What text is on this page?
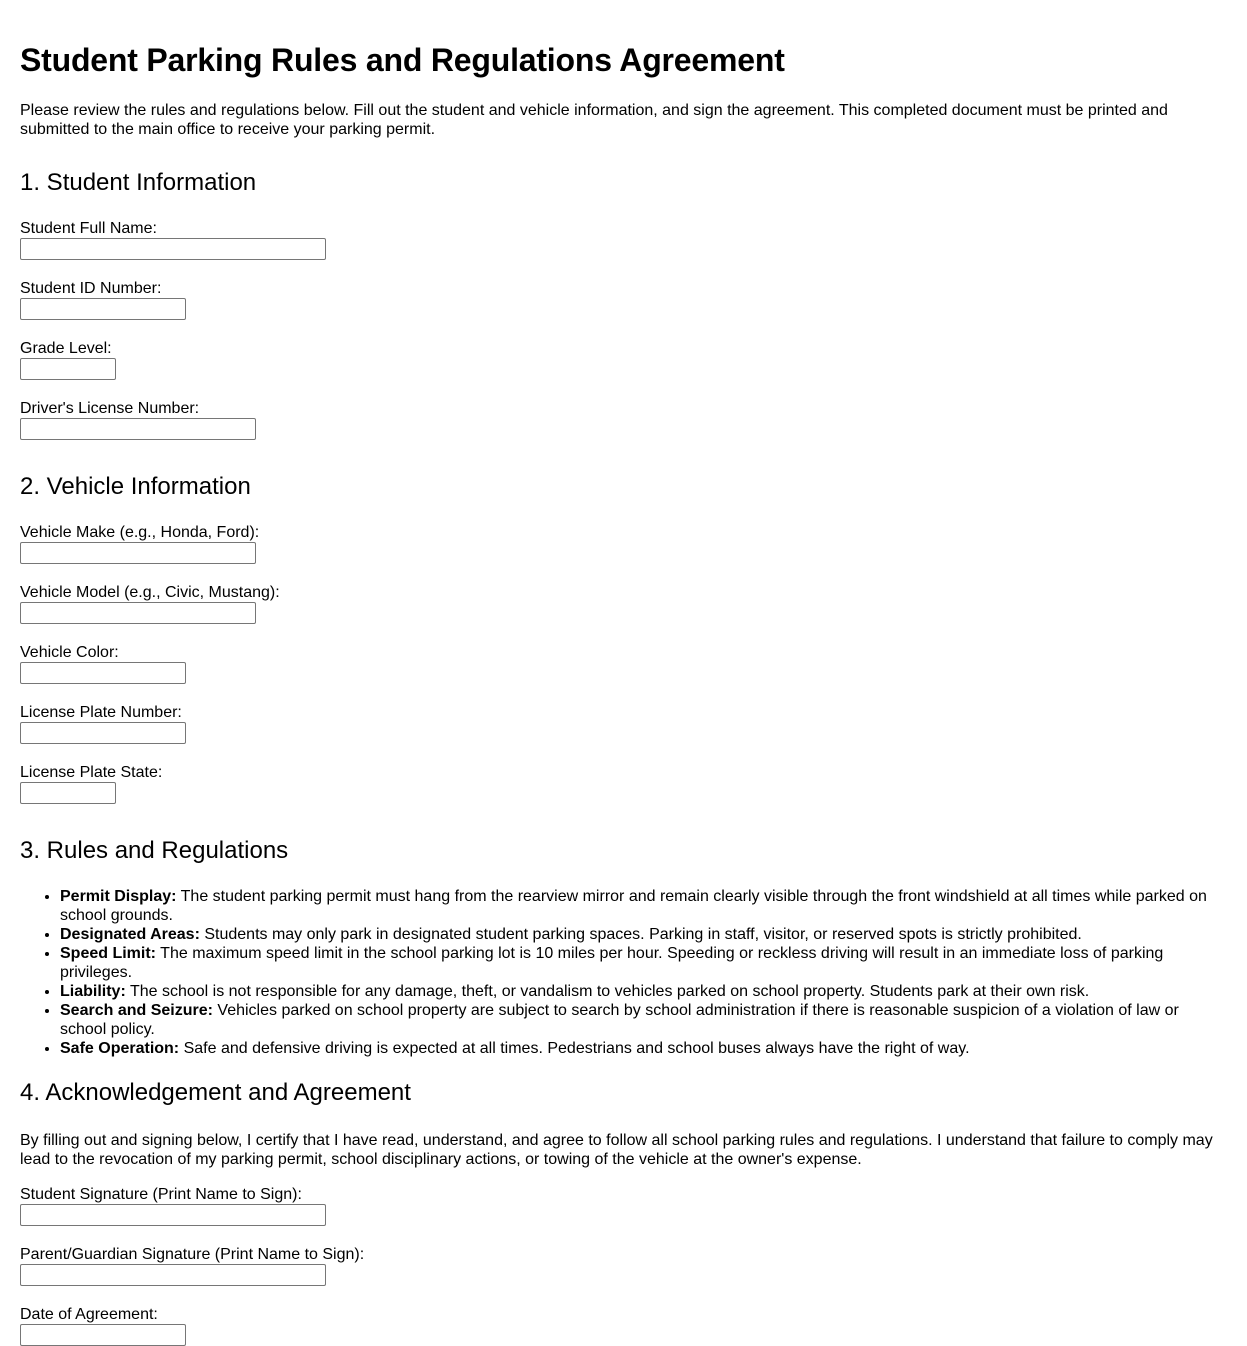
Student Parking Rules and Regulations Agreement

Please review the rules and regulations below. Fill out the student and vehicle information, and sign the agreement. This completed document must be printed and submitted to the main office to receive your parking permit.

1. Student Information
Student Full Name:
Student ID Number:
Grade Level:
Driver's License Number:
2. Vehicle Information
Vehicle Make (e.g., Honda, Ford):
Vehicle Model (e.g., Civic, Mustang):
Vehicle Color:
License Plate Number:
License Plate State:
3. Rules and Regulations
• Permit Display: The student parking permit must hang from the rearview mirror and remain clearly visible through the front windshield at all times while parked on school grounds.
• Designated Areas: Students may only park in designated student parking spaces. Parking in staff, visitor, or reserved spots is strictly prohibited.
• Speed Limit: The maximum speed limit in the school parking lot is 10 miles per hour. Speeding or reckless driving will result in an immediate loss of parking privileges.
• Liability: The school is not responsible for any damage, theft, or vandalism to vehicles parked on school property. Students park at their own risk.
• Search and Seizure: Vehicles parked on school property are subject to search by school administration if there is reasonable suspicion of a violation of law or school policy.
• Safe Operation: Safe and defensive driving is expected at all times. Pedestrians and school buses always have the right of way.
4. Acknowledgement and Agreement

By filling out and signing below, I certify that I have read, understand, and agree to follow all school parking rules and regulations. I understand that failure to comply may lead to the revocation of my parking permit, school disciplinary actions, or towing of the vehicle at the owner's expense.

Student Signature (Print Name to Sign):
Parent/Guardian Signature (Print Name to Sign):
Date of Agreement:
